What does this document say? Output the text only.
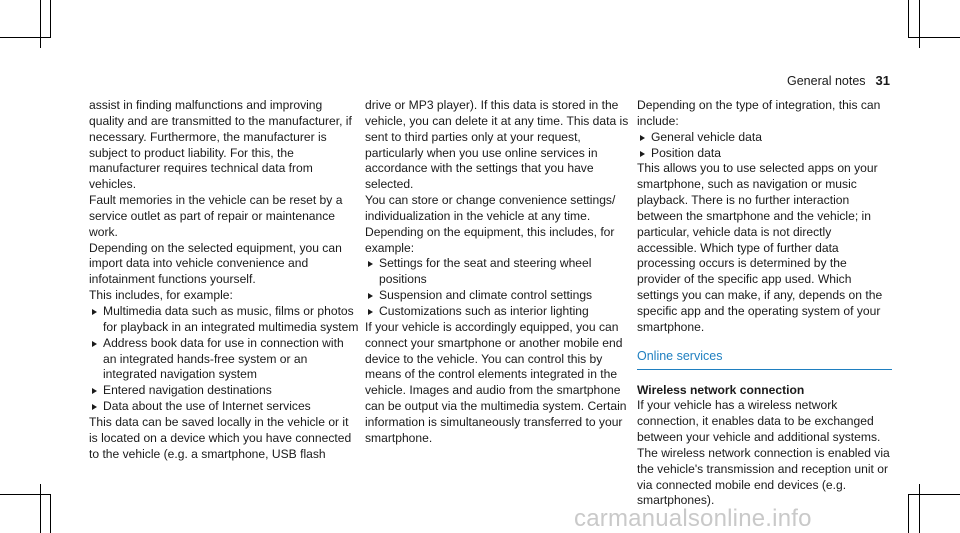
General notes 31

assist in finding malfunctions and improving quality and are transmitted to the manufacturer, if necessary. Furthermore, the manufacturer is subject to product liability. For this, the manufacturer requires technical data from vehicles.

Fault memories in the vehicle can be reset by a service outlet as part of repair or maintenance work.

Depending on the selected equipment, you can import data into vehicle convenience and infotainment functions yourself.

This includes, for example:

Multimedia data such as music, films or photos for playback in an integrated multimedia system
Address book data for use in connection with an integrated hands-free system or an integrated navigation system
Entered navigation destinations
Data about the use of Internet services

This data can be saved locally in the vehicle or it is located on a device which you have connected to the vehicle (e.g. a smartphone, USB flash

drive or MP3 player). If this data is stored in the vehicle, you can delete it at any time. This data is sent to third parties only at your request, particularly when you use online services in accordance with the settings that you have selected.

You can store or change convenience settings/ individualization in the vehicle at any time.

Depending on the equipment, this includes, for example:

Settings for the seat and steering wheel positions
Suspension and climate control settings
Customizations such as interior lighting

If your vehicle is accordingly equipped, you can connect your smartphone or another mobile end device to the vehicle. You can control this by means of the control elements integrated in the vehicle. Images and audio from the smartphone can be output via the multimedia system. Certain information is simultaneously transferred to your smartphone.

Depending on the type of integration, this can include:

General vehicle data
Position data

This allows you to use selected apps on your smartphone, such as navigation or music playback. There is no further interaction between the smartphone and the vehicle; in particular, vehicle data is not directly accessible. Which type of further data processing occurs is determined by the provider of the specific app used. Which settings you can make, if any, depends on the specific app and the operating system of your smartphone.

Online services

Wireless network connection

If your vehicle has a wireless network connection, it enables data to be exchanged between your vehicle and additional systems. The wireless network connection is enabled via the vehicle's transmission and reception unit or via connected mobile end devices (e.g. smartphones).

carmanualsonline.info
